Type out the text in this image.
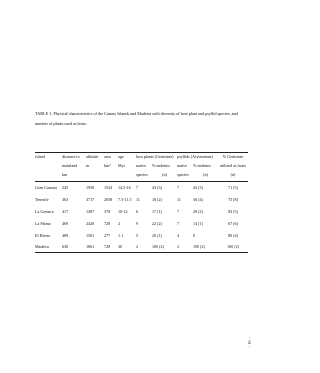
TABLE 1. Physical characteristics of the Canary Islands and Madeira with diversity of host plant and psyllid species, and number of plants used as hosts.
island	distance to	altitude	area	age	host plants (Genisteae)		psyllids (Arytaininae)		% Genisteae
	mainland	m	km²	Myr	native	% endemic	native	% endemic	utilized as hosts
	km				species	(n)	species	(n)	(n)
Gran Canaria	245	1950	1534	14.5-16	7	43 (3)	7	43 (3)	71 (5)
Tenerife	363	3717	2058	7.5-11.5	11	18 (2)	11	36 (4)	73 (8)
La Gomera	417	1487	378	10-12	6	17 (1)	7	29 (2)	83 (5)
La Palma	469	2426	728	2	9	22 (2)	7	14 (1)	67 (6)
El Hierro	489	1501	277	1.1	5	20 (1)	4	0	80 (4)
Madeira	630	1861	728	30	2	100 (2)	2	100 (2)	100 (2)
- 18 -
